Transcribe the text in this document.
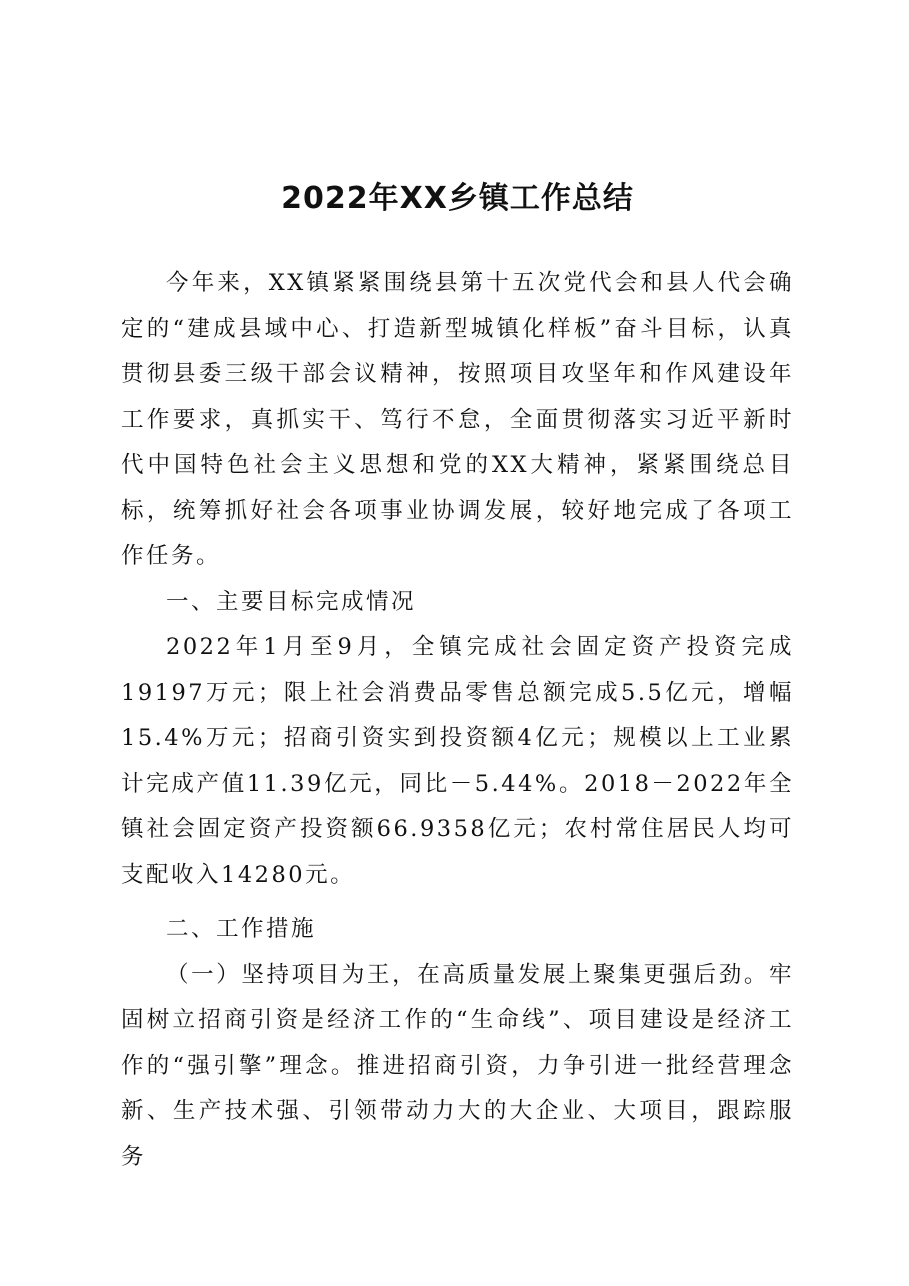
2022年XX乡镇工作总结

今年来，XX镇紧紧围绕县第十五次党代会和县人代会确定的“建成县域中心、打造新型城镇化样板”奋斗目标，认真贯彻县委三级干部会议精神，按照项目攻坚年和作风建设年工作要求，真抓实干、笃行不怠，全面贯彻落实习近平新时代中国特色社会主义思想和党的XX大精神，紧紧围绕总目标，统筹抓好社会各项事业协调发展，较好地完成了各项工作任务。

一、主要目标完成情况

2022年1月至9月，全镇完成社会固定资产投资完成19197万元；限上社会消费品零售总额完成5.5亿元，增幅15.4%万元；招商引资实到投资额4亿元；规模以上工业累计完成产值11.39亿元，同比－5.44%。2018－2022年全镇社会固定资产投资额66.9358亿元；农村常住居民人均可支配收入14280元。

二、工作措施

（一）坚持项目为王，在高质量发展上聚集更强后劲。牢固树立招商引资是经济工作的“生命线”、项目建设是经济工作的“强引擎”理念。推进招商引资，力争引进一批经营理念新、生产技术强、引领带动力大的大企业、大项目，跟踪服务
